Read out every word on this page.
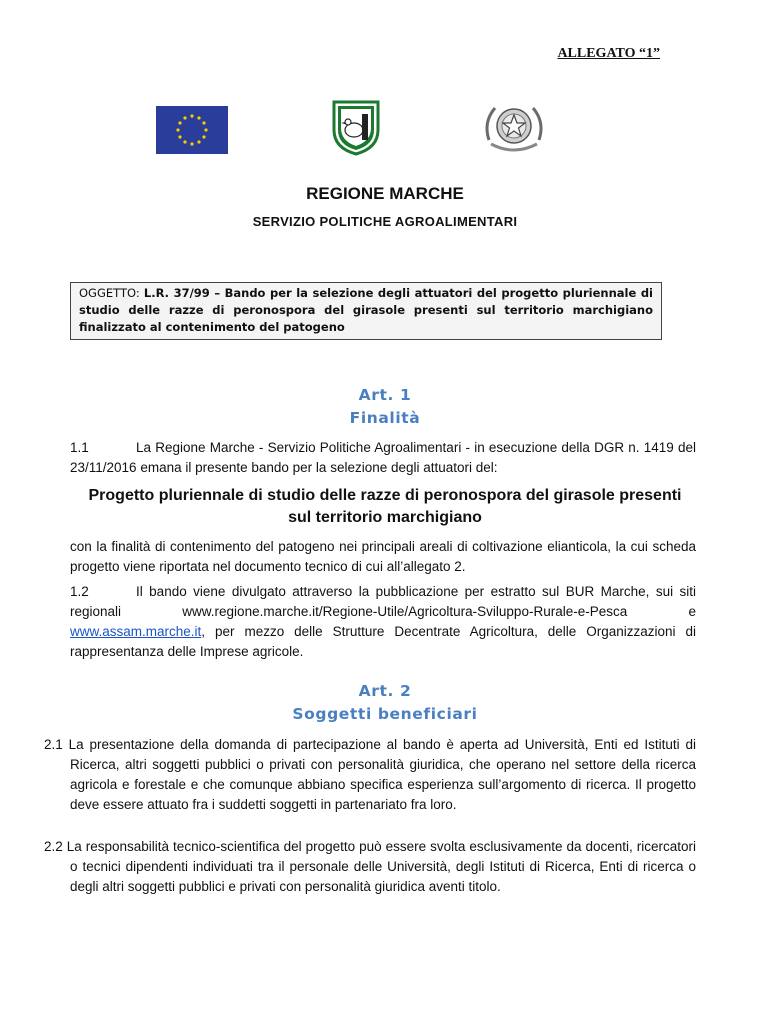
ALLEGATO “1”
REGIONE MARCHE
SERVIZIO POLITICHE AGROALIMENTARI
OGGETTO: L.R. 37/99 – Bando per la selezione degli attuatori del progetto pluriennale di studio delle razze di peronospora del girasole presenti sul territorio marchigiano finalizzato al contenimento del patogeno
Art. 1
Finalità
1.1	La Regione Marche - Servizio Politiche Agroalimentari - in esecuzione della DGR n. 1419 del 23/11/2016 emana il presente bando per la selezione degli attuatori del:
Progetto pluriennale di studio delle razze di peronospora del girasole presenti sul territorio marchigiano
con la finalità di contenimento del patogeno nei principali areali di coltivazione elianticola, la cui scheda progetto viene riportata nel documento tecnico di cui all’allegato 2.
1.2	Il bando viene divulgato attraverso la pubblicazione per estratto sul BUR Marche, sui siti regionali www.regione.marche.it/Regione-Utile/Agricoltura-Sviluppo-Rurale-e-Pesca e www.assam.marche.it, per mezzo delle Strutture Decentrate Agricoltura, delle Organizzazioni di rappresentanza delle Imprese agricole.
Art. 2
Soggetti beneficiari
2.1 La presentazione della domanda di partecipazione al bando è aperta ad Università, Enti ed Istituti di Ricerca, altri soggetti pubblici o privati con personalità giuridica, che operano nel settore della ricerca agricola e forestale e che comunque abbiano specifica esperienza sull’argomento di ricerca. Il progetto deve essere attuato fra i suddetti soggetti in partenariato fra loro.
2.2 La responsabilità tecnico-scientifica del progetto può essere svolta esclusivamente da docenti, ricercatori o tecnici dipendenti individuati tra il personale delle Università, degli Istituti di Ricerca, Enti di ricerca o degli altri soggetti pubblici e privati con personalità giuridica aventi titolo.
